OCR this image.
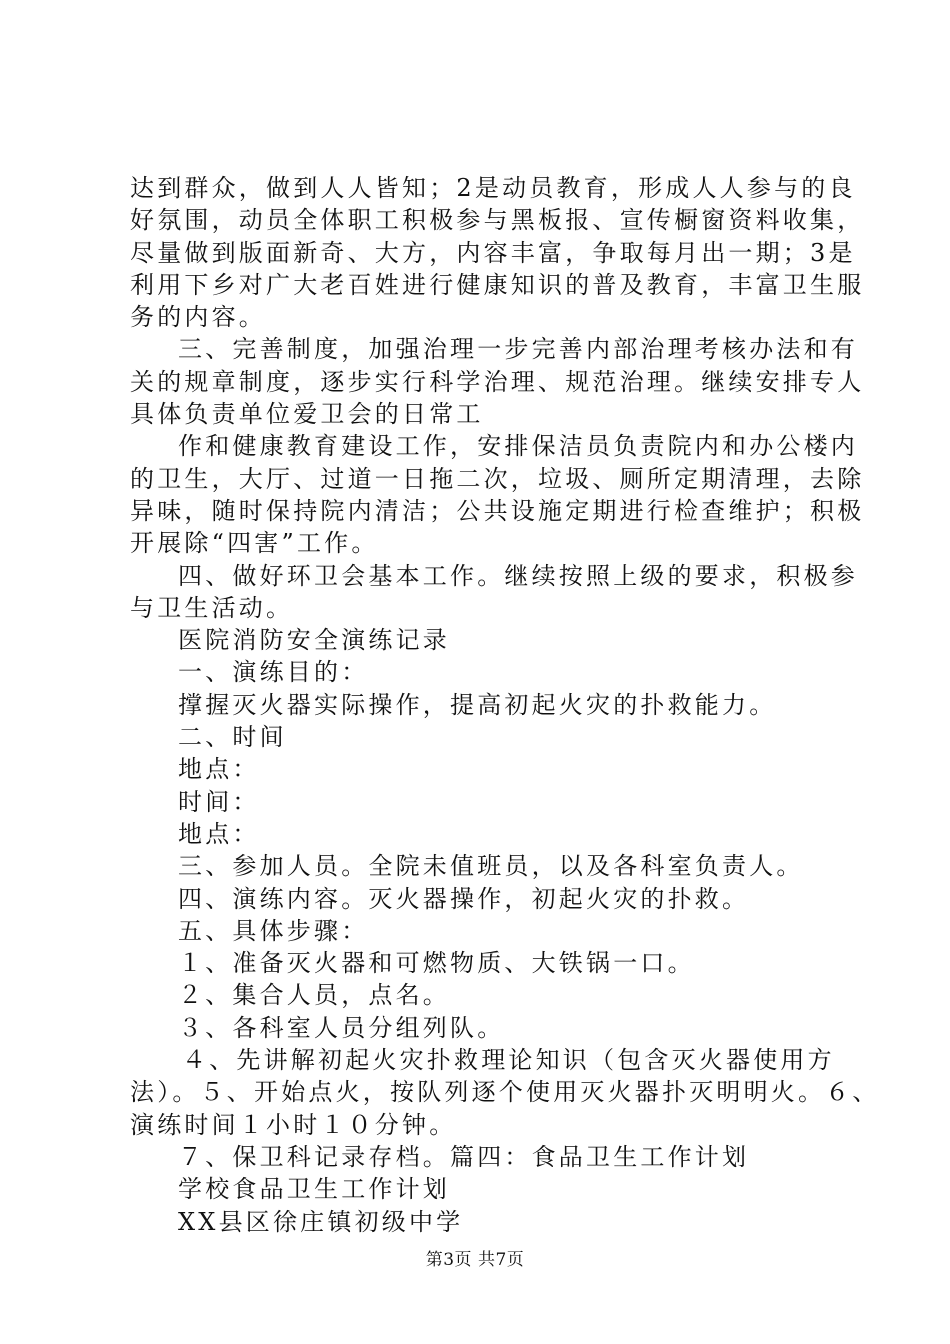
达到群众，做到人人皆知；2是动员教育，形成人人参与的良
好氛围，动员全体职工积极参与黑板报、宣传橱窗资料收集，
尽量做到版面新奇、大方，内容丰富，争取每月出一期；3是
利用下乡对广大老百姓进行健康知识的普及教育，丰富卫生服
务的内容。
三、完善制度，加强治理一步完善内部治理考核办法和有
关的规章制度，逐步实行科学治理、规范治理。继续安排专人
具体负责单位爱卫会的日常工
作和健康教育建设工作，安排保洁员负责院内和办公楼内
的卫生，大厅、过道一日拖二次，垃圾、厕所定期清理，去除
异味，随时保持院内清洁；公共设施定期进行检查维护；积极
开展除“四害”工作。
四、做好环卫会基本工作。继续按照上级的要求，积极参
与卫生活动。
医院消防安全演练记录
一、演练目的：
撑握灭火器实际操作，提高初起火灾的扑救能力。
二、时间
地点：
时间：
地点：
三、参加人员。全院未值班员，以及各科室负责人。
四、演练内容。灭火器操作，初起火灾的扑救。
五、具体步骤：
１、准备灭火器和可燃物质、大铁锅一口。
２、集合人员，点名。
３、各科室人员分组列队。
４、先讲解初起火灾扑救理论知识（包含灭火器使用方
法）。５、开始点火，按队列逐个使用灭火器扑灭明明火。６、
演练时间１小时１０分钟。
７、保卫科记录存档。篇四：食品卫生工作计划
学校食品卫生工作计划
XX县区徐庄镇初级中学
第3页 共7页
